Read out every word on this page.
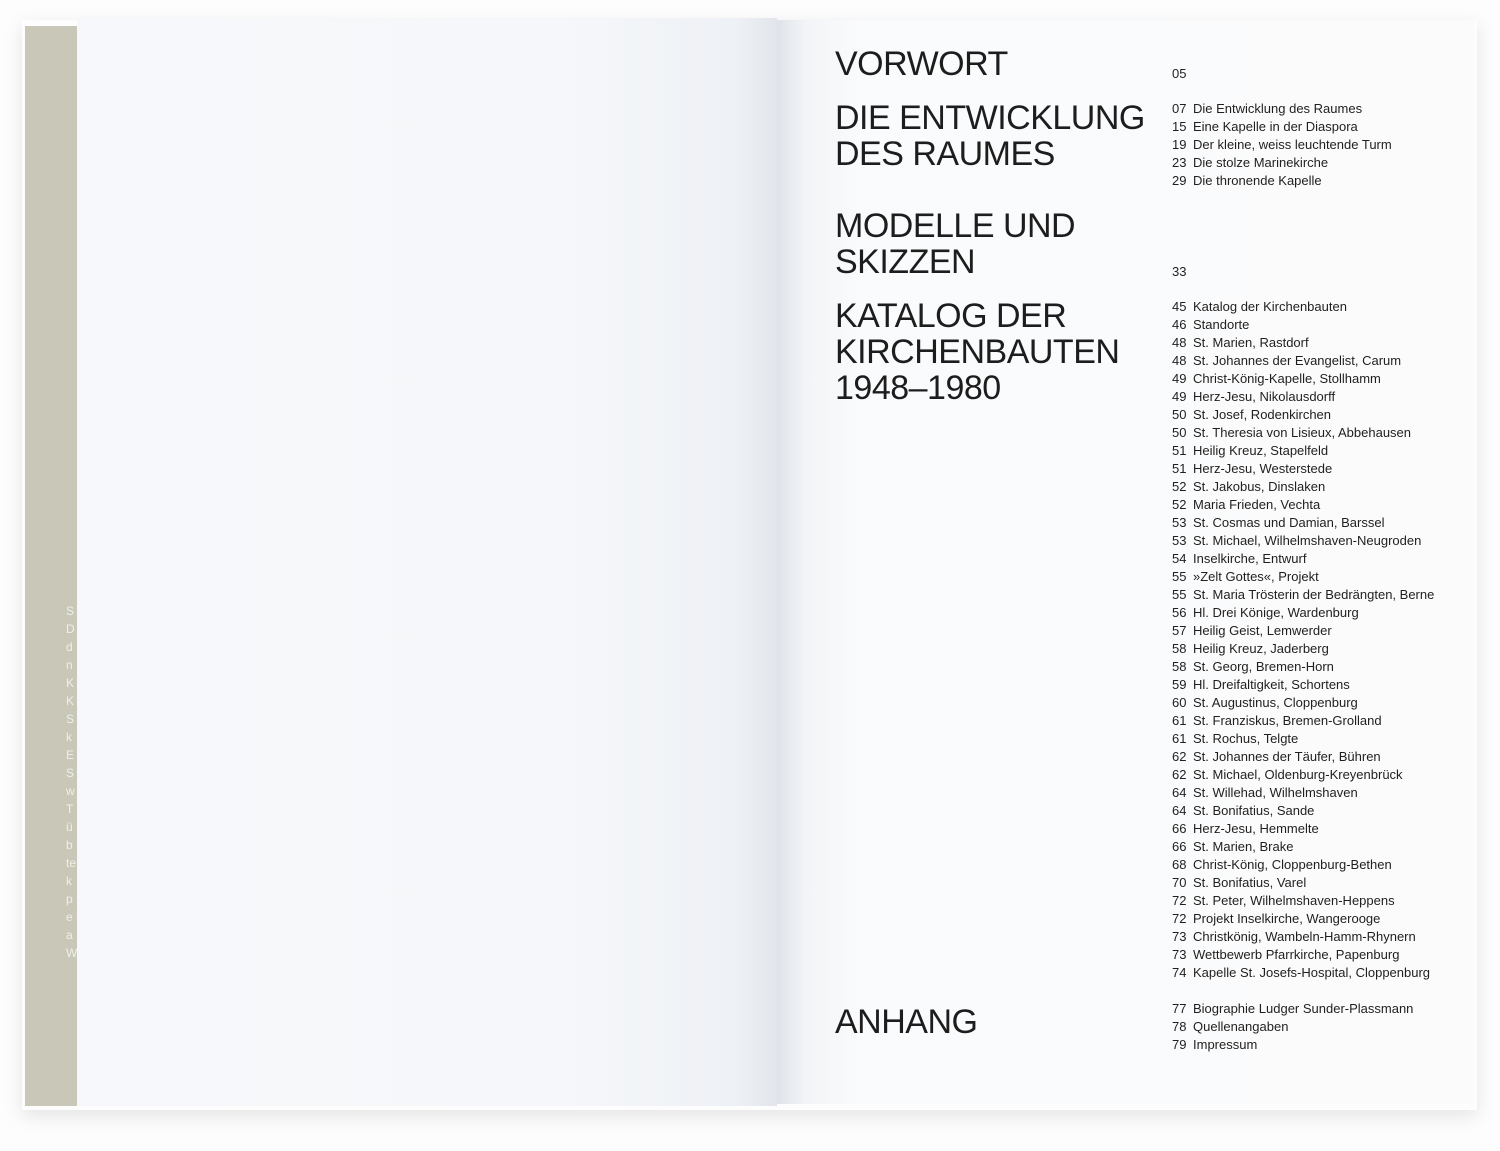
S
D
d
n
K
K
S
k
E
S
w
T
ü
b
te
k
p
e
a
W
VORWORT	05
DIE ENTWICKLUNG
DES RAUMES
07 Die Entwicklung des Raumes
15 Eine Kapelle in der Diaspora
19 Der kleine, weiss leuchtende Turm
23 Die stolze Marinekirche
29 Die thronende Kapelle
MODELLE UND
SKIZZEN	33
KATALOG DER
KIRCHENBAUTEN
1948–1980
45 Katalog der Kirchenbauten
46 Standorte
48 St. Marien, Rastdorf
48 St. Johannes der Evangelist, Carum
49 Christ-König-Kapelle, Stollhamm
49 Herz-Jesu, Nikolausdorff
50 St. Josef, Rodenkirchen
50 St. Theresia von Lisieux, Abbehausen
51 Heilig Kreuz, Stapelfeld
51 Herz-Jesu, Westerstede
52 St. Jakobus, Dinslaken
52 Maria Frieden, Vechta
53 St. Cosmas und Damian, Barssel
53 St. Michael, Wilhelmshaven-Neugroden
54 Inselkirche, Entwurf
55 »Zelt Gottes«, Projekt
55 St. Maria Trösterin der Bedrängten, Berne
56 Hl. Drei Könige, Wardenburg
57 Heilig Geist, Lemwerder
58 Heilig Kreuz, Jaderberg
58 St. Georg, Bremen-Horn
59 Hl. Dreifaltigkeit, Schortens
60 St. Augustinus, Cloppenburg
61 St. Franziskus, Bremen-Grolland
61 St. Rochus, Telgte
62 St. Johannes der Täufer, Bühren
62 St. Michael, Oldenburg-Kreyenbrück
64 St. Willehad, Wilhelmshaven
64 St. Bonifatius, Sande
66 Herz-Jesu, Hemmelte
66 St. Marien, Brake
68 Christ-König, Cloppenburg-Bethen
70 St. Bonifatius, Varel
72 St. Peter, Wilhelmshaven-Heppens
72 Projekt Inselkirche, Wangerooge
73 Christkönig, Wambeln-Hamm-Rhynern
73 Wettbewerb Pfarrkirche, Papenburg
74 Kapelle St. Josefs-Hospital, Cloppenburg
ANHANG	77 Biographie Ludger Sunder-Plassmann
78 Quellenangaben
79 Impressum
